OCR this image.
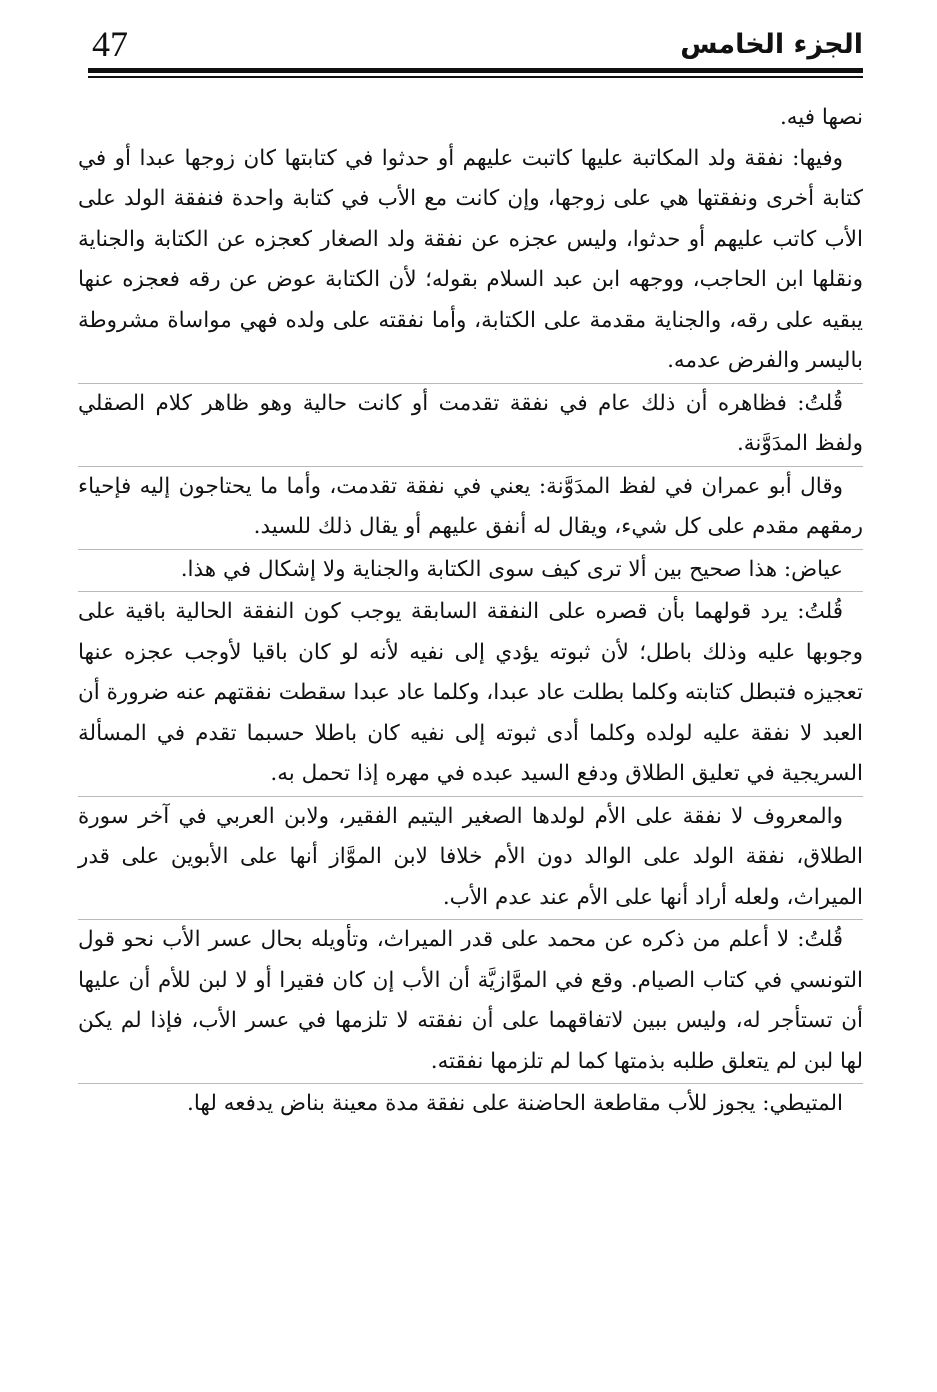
47	الجزء الخامس

نصها فيه.

وفيها: نفقة ولد المكاتبة عليها كاتبت عليهم أو حدثوا في كتابتها كان زوجها عبدا أو في كتابة أخرى ونفقتها هي على زوجها، وإن كانت مع الأب في كتابة واحدة فنفقة الولد على الأب كاتب عليهم أو حدثوا، وليس عجزه عن نفقة ولد الصغار كعجزه عن الكتابة والجناية ونقلها ابن الحاجب، ووجهه ابن عبد السلام بقوله؛ لأن الكتابة عوض عن رقه فعجزه عنها يبقيه على رقه، والجناية مقدمة على الكتابة، وأما نفقته على ولده فهي مواساة مشروطة باليسر والفرض عدمه.

قُلتُ: فظاهره أن ذلك عام في نفقة تقدمت أو كانت حالية وهو ظاهر كلام الصقلي ولفظ المدَوَّنة.

وقال أبو عمران في لفظ المدَوَّنة: يعني في نفقة تقدمت، وأما ما يحتاجون إليه فإحياء رمقهم مقدم على كل شيء، ويقال له أنفق عليهم أو يقال ذلك للسيد.

عياض: هذا صحيح بين ألا ترى كيف سوى الكتابة والجناية ولا إشكال في هذا.

قُلتُ: يرد قولهما بأن قصره على النفقة السابقة يوجب كون النفقة الحالية باقية على وجوبها عليه وذلك باطل؛ لأن ثبوته يؤدي إلى نفيه لأنه لو كان باقيا لأوجب عجزه عنها تعجيزه فتبطل كتابته وكلما بطلت عاد عبدا، وكلما عاد عبدا سقطت نفقتهم عنه ضرورة أن العبد لا نفقة عليه لولده وكلما أدى ثبوته إلى نفيه كان باطلا حسبما تقدم في المسألة السريجية في تعليق الطلاق ودفع السيد عبده في مهره إذا تحمل به.

والمعروف لا نفقة على الأم لولدها الصغير اليتيم الفقير، ولابن العربي في آخر سورة الطلاق، نفقة الولد على الوالد دون الأم خلافا لابن الموَّاز أنها على الأبوين على قدر الميراث، ولعله أراد أنها على الأم عند عدم الأب.

قُلتُ: لا أعلم من ذكره عن محمد على قدر الميراث، وتأويله بحال عسر الأب نحو قول التونسي في كتاب الصيام. وقع في الموَّازيَّة أن الأب إن كان فقيرا أو لا لبن للأم أن عليها أن تستأجر له، وليس ببين لاتفاقهما على أن نفقته لا تلزمها في عسر الأب، فإذا لم يكن لها لبن لم يتعلق طلبه بذمتها كما لم تلزمها نفقته.

المتيطي: يجوز للأب مقاطعة الحاضنة على نفقة مدة معينة بناض يدفعه لها.
